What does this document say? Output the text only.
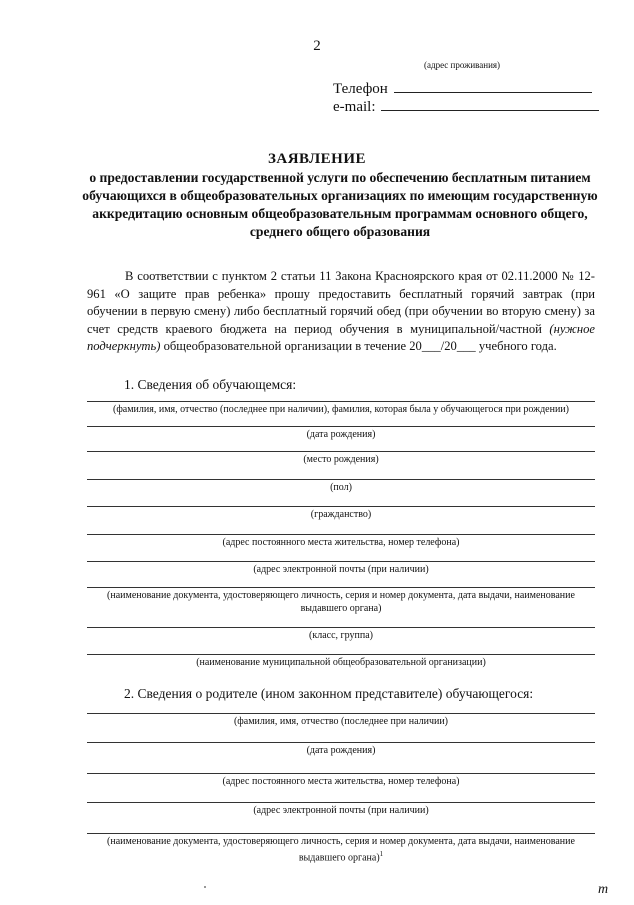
2
(адрес проживания)
Телефон
e-mail:
ЗАЯВЛЕНИЕ
о предоставлении государственной услуги по обеспечению бесплатным питанием обучающихся в общеобразовательных организациях по имеющим государственную аккредитацию основным общеобразовательным программам основного общего, среднего общего образования

В соответствии с пунктом 2 статьи 11 Закона Красноярского края от 02.11.2000 № 12-961 «О защите прав ребенка» прошу предоставить бесплатный горячий завтрак (при обучении в первую смену) либо бесплатный горячий обед (при обучении во вторую смену) за счет средств краевого бюджета на период обучения в муниципальной/частной (нужное подчеркнуть) общеобразовательной организации в течение 20___/20___ учебного года.

1. Сведения об обучающемся:
(фамилия, имя, отчество (последнее при наличии), фамилия, которая была у обучающегося при рождении)
(дата рождения)
(место рождения)
(пол)
(гражданство)
(адрес постоянного места жительства, номер телефона)
(адрес электронной почты (при наличии)
(наименование документа, удостоверяющего личность, серия и номер документа, дата выдачи, наименование выдавшего органа)
(класс, группа)
(наименование муниципальной общеобразовательной организации)
2. Сведения о родителе (ином законном представителе) обучающегося:
(фамилия, имя, отчество (последнее при наличии)
(дата рождения)
(адрес постоянного места жительства, номер телефона)
(адрес электронной почты (при наличии)
(наименование документа, удостоверяющего личность, серия и номер документа, дата выдачи, наименование выдавшего органа)$^1$
т
